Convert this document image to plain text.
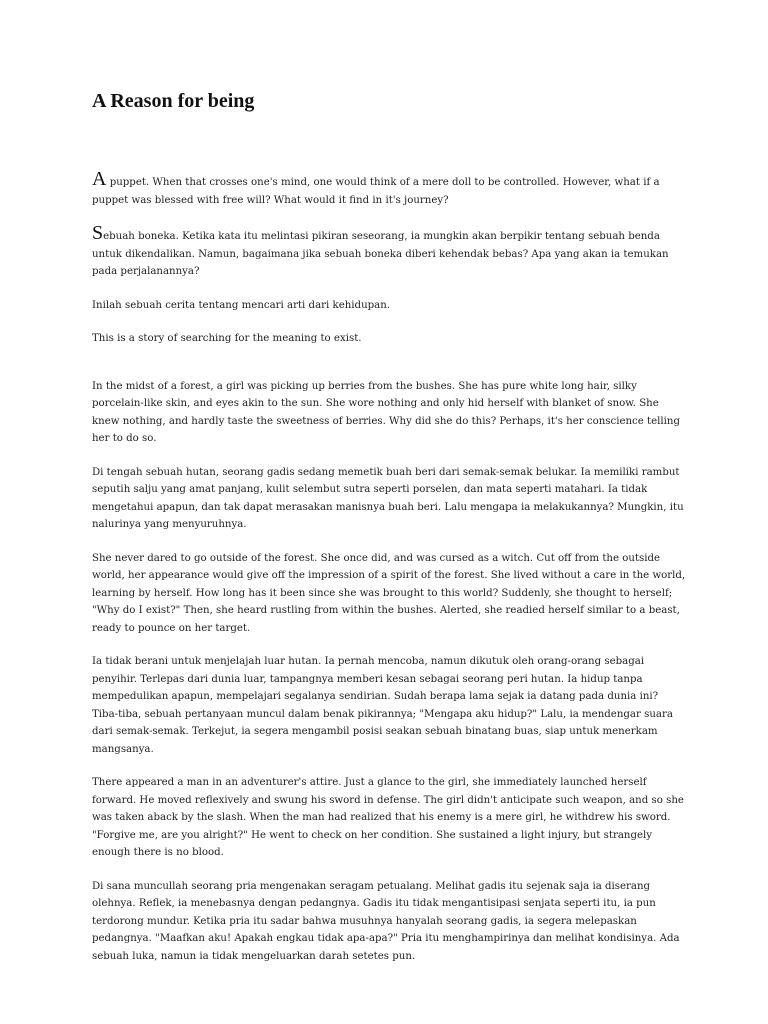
A Reason for being

A puppet. When that crosses one's mind, one would think of a mere doll to be controlled. However, what if a puppet was blessed with free will? What would it find in it's journey?

Sebuah boneka. Ketika kata itu melintasi pikiran seseorang, ia mungkin akan berpikir tentang sebuah benda untuk dikendalikan. Namun, bagaimana jika sebuah boneka diberi kehendak bebas? Apa yang akan ia temukan pada perjalanannya?

Inilah sebuah cerita tentang mencari arti dari kehidupan.

This is a story of searching for the meaning to exist.

In the midst of a forest, a girl was picking up berries from the bushes. She has pure white long hair, silky porcelain-like skin, and eyes akin to the sun. She wore nothing and only hid herself with blanket of snow. She knew nothing, and hardly taste the sweetness of berries. Why did she do this? Perhaps, it's her conscience telling her to do so.

Di tengah sebuah hutan, seorang gadis sedang memetik buah beri dari semak-semak belukar. Ia memiliki rambut seputih salju yang amat panjang, kulit selembut sutra seperti porselen, dan mata seperti matahari. Ia tidak mengetahui apapun, dan tak dapat merasakan manisnya buah beri. Lalu mengapa ia melakukannya? Mungkin, itu nalurinya yang menyuruhnya.

She never dared to go outside of the forest. She once did, and was cursed as a witch. Cut off from the outside world, her appearance would give off the impression of a spirit of the forest. She lived without a care in the world, learning by herself. How long has it been since she was brought to this world? Suddenly, she thought to herself; "Why do I exist?" Then, she heard rustling from within the bushes. Alerted, she readied herself similar to a beast, ready to pounce on her target.

Ia tidak berani untuk menjelajah luar hutan. Ia pernah mencoba, namun dikutuk oleh orang-orang sebagai penyihir. Terlepas dari dunia luar, tampangnya memberi kesan sebagai seorang peri hutan. Ia hidup tanpa mempedulikan apapun, mempelajari segalanya sendirian. Sudah berapa lama sejak ia datang pada dunia ini? Tiba-tiba, sebuah pertanyaan muncul dalam benak pikirannya; "Mengapa aku hidup?" Lalu, ia mendengar suara dari semak-semak. Terkejut, ia segera mengambil posisi seakan sebuah binatang buas, siap untuk menerkam mangsanya.

There appeared a man in an adventurer's attire. Just a glance to the girl, she immediately launched herself forward. He moved reflexively and swung his sword in defense. The girl didn't anticipate such weapon, and so she was taken aback by the slash. When the man had realized that his enemy is a mere girl, he withdrew his sword. "Forgive me, are you alright?" He went to check on her condition. She sustained a light injury, but strangely enough there is no blood.

Di sana muncullah seorang pria mengenakan seragam petualang. Melihat gadis itu sejenak saja ia diserang olehnya. Reflek, ia menebasnya dengan pedangnya. Gadis itu tidak mengantisipasi senjata seperti itu, ia pun terdorong mundur. Ketika pria itu sadar bahwa musuhnya hanyalah seorang gadis, ia segera melepaskan pedangnya. "Maafkan aku! Apakah engkau tidak apa-apa?" Pria itu menghampirinya dan melihat kondisinya. Ada sebuah luka, namun ia tidak mengeluarkan darah setetes pun.
